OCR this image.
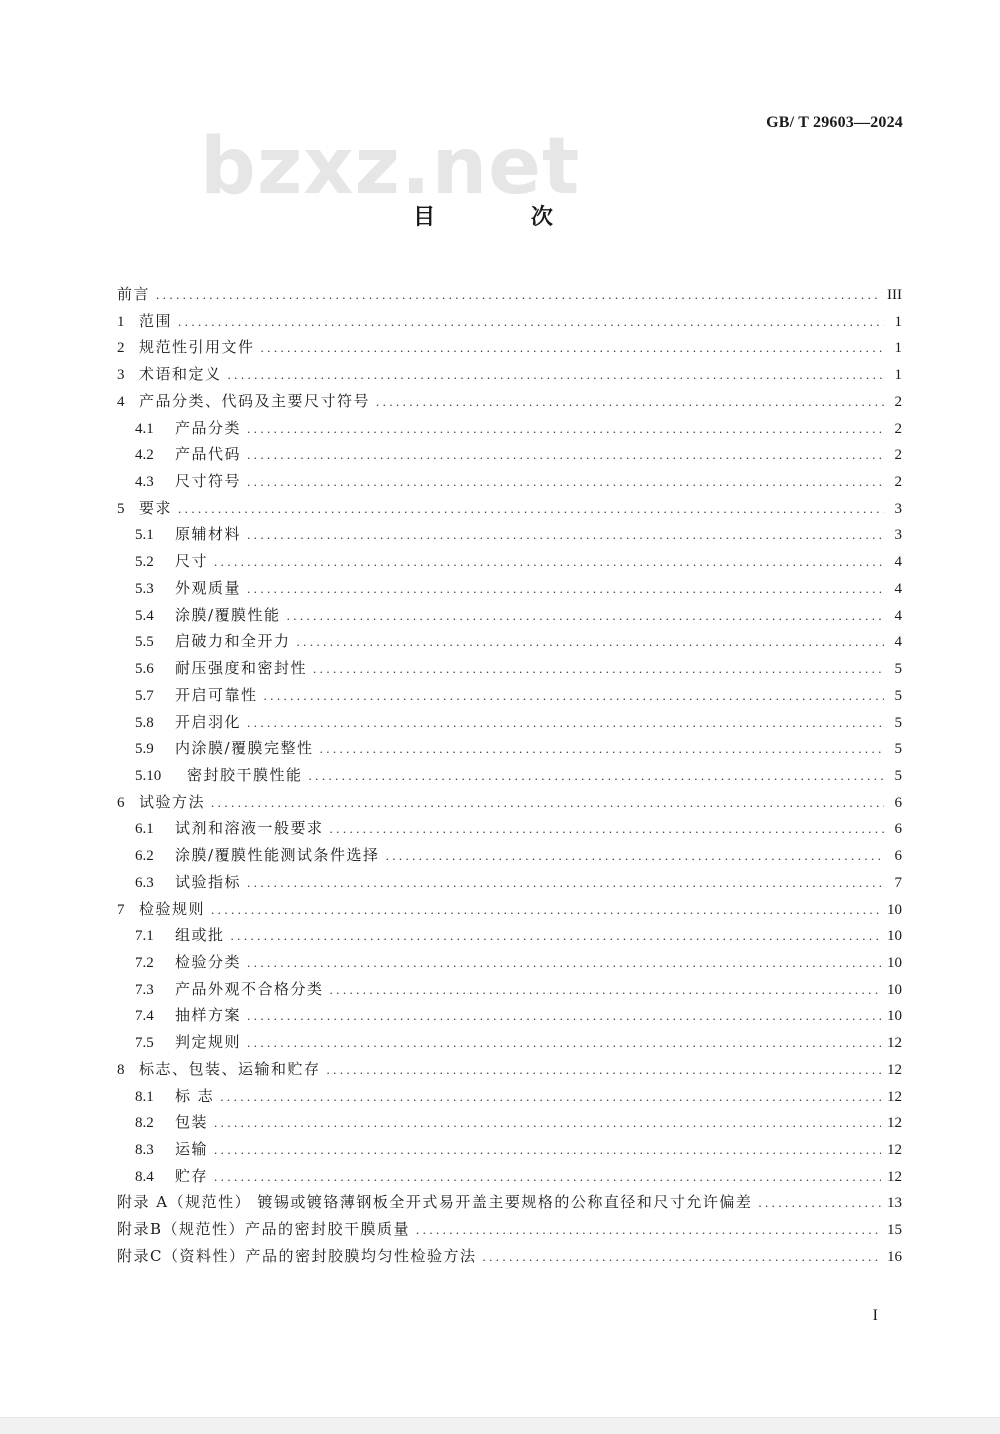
GB/ T 29603—2024
bzxz.net
目 次
前言 .....	III
1 范围 .....	1
2 规范性引用文件 .....	1
3 术语和定义 .....	1
4 产品分类、代码及主要尺寸符号 .....	2
4.1	产品分类 .....	2
4.2	产品代码 .....	2
4.3	尺寸符号 .....	2
5 要求 .....	3
5.1	原辅材料 .....	3
5.2	尺寸 .....	4
5.3	外观质量 .....	4
5.4	涂膜/覆膜性能 .....	4
5.5	启破力和全开力 .....	4
5.6	耐压强度和密封性 .....	5
5.7	开启可靠性 .....	5
5.8	开启羽化 .....	5
5.9	内涂膜/覆膜完整性 .....	5
5.10	密封胶干膜性能 .....	5
6 试验方法 .....	6
6.1	试剂和溶液一般要求 .....	6
6.2	涂膜/覆膜性能测试条件选择 .....	6
6.3	试验指标 .....	7
7 检验规则 .....	10
7.1	组或批 .....	10
7.2	检验分类 .....	10
7.3	产品外观不合格分类 .....	10
7.4	抽样方案 .....	10
7.5	判定规则 .....	12
8 标志、包装、运输和贮存 .....	12
8.1	标 志 .....	12
8.2	包装 .....	12
8.3	运输 .....	12
8.4	贮存 .....	12
附录 A（规范性） 镀锡或镀铬薄钢板全开式易开盖主要规格的公称直径和尺寸允许偏差 .....	13
附录B（规范性）产品的密封胶干膜质量 .....	15
附录C（资料性）产品的密封胶膜均匀性检验方法 .....	16
I
